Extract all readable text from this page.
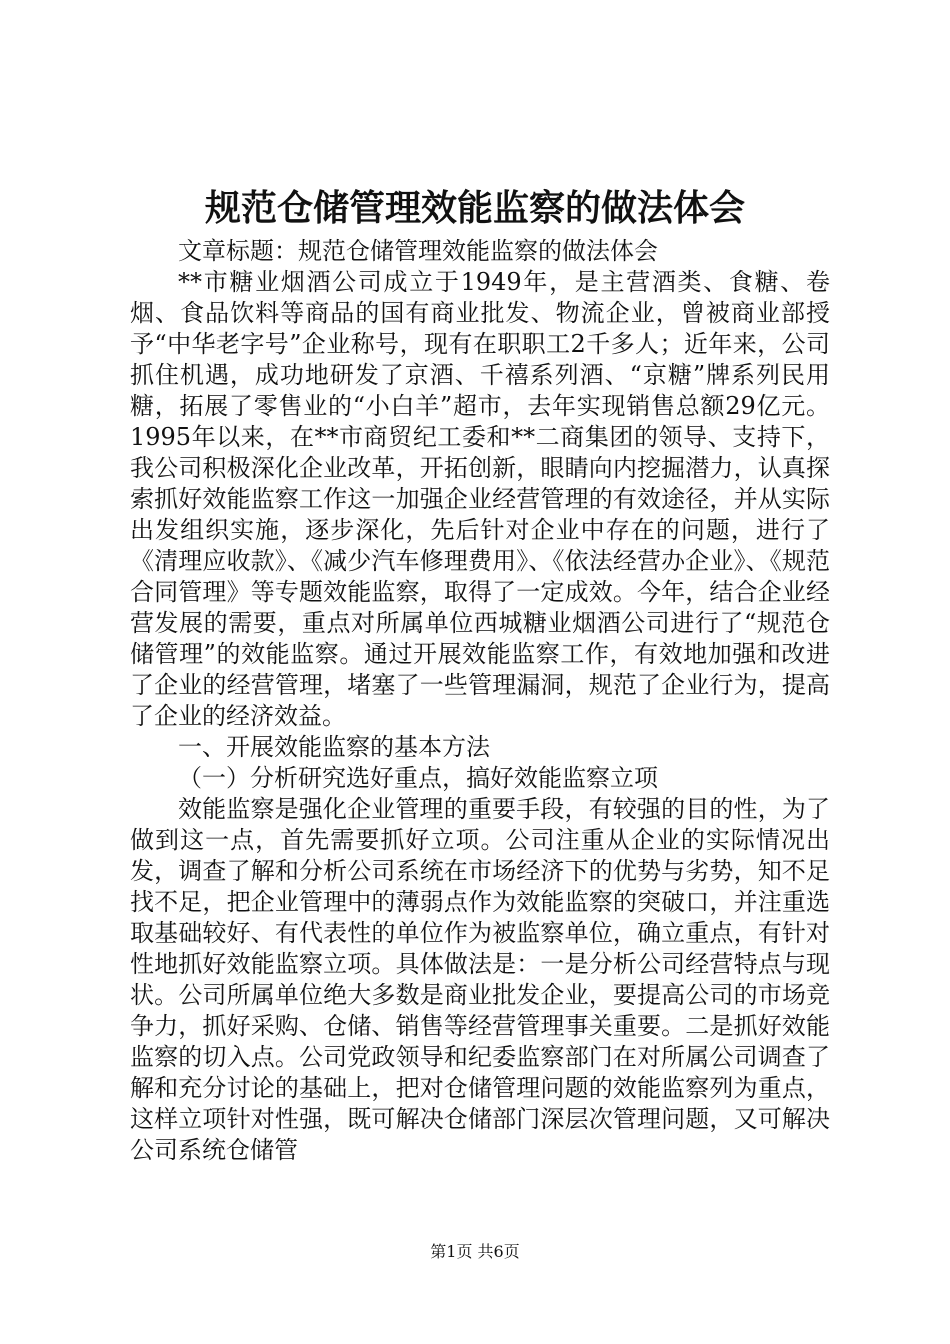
规范仓储管理效能监察的做法体会

文章标题：规范仓储管理效能监察的做法体会

**市糖业烟酒公司成立于1949年，是主营酒类、食糖、卷烟、食品饮料等商品的国有商业批发、物流企业，曾被商业部授予“中华老字号”企业称号，现有在职职工2千多人；近年来，公司抓住机遇，成功地研发了京酒、千禧系列酒、“京糖”牌系列民用糖，拓展了零售业的“小白羊”超市，去年实现销售总额29亿元。1995年以来，在**市商贸纪工委和**二商集团的领导、支持下，我公司积极深化企业改革，开拓创新，眼睛向内挖掘潜力，认真探索抓好效能监察工作这一加强企业经营管理的有效途径，并从实际出发组织实施，逐步深化，先后针对企业中存在的问题，进行了《清理应收款》、《减少汽车修理费用》、《依法经营办企业》、《规范合同管理》等专题效能监察，取得了一定成效。今年，结合企业经营发展的需要，重点对所属单位西城糖业烟酒公司进行了“规范仓储管理”的效能监察。通过开展效能监察工作，有效地加强和改进了企业的经营管理，堵塞了一些管理漏洞，规范了企业行为，提高了企业的经济效益。

一、开展效能监察的基本方法

（一）分析研究选好重点，搞好效能监察立项

效能监察是强化企业管理的重要手段，有较强的目的性，为了做到这一点，首先需要抓好立项。公司注重从企业的实际情况出发，调查了解和分析公司系统在市场经济下的优势与劣势，知不足找不足，把企业管理中的薄弱点作为效能监察的突破口，并注重选取基础较好、有代表性的单位作为被监察单位，确立重点，有针对性地抓好效能监察立项。具体做法是：一是分析公司经营特点与现状。公司所属单位绝大多数是商业批发企业，要提高公司的市场竞争力，抓好采购、仓储、销售等经营管理事关重要。二是抓好效能监察的切入点。公司党政领导和纪委监察部门在对所属公司调查了解和充分讨论的基础上，把对仓储管理问题的效能监察列为重点，这样立项针对性强，既可解决仓储部门深层次管理问题，又可解决公司系统仓储管

第1页 共6页
